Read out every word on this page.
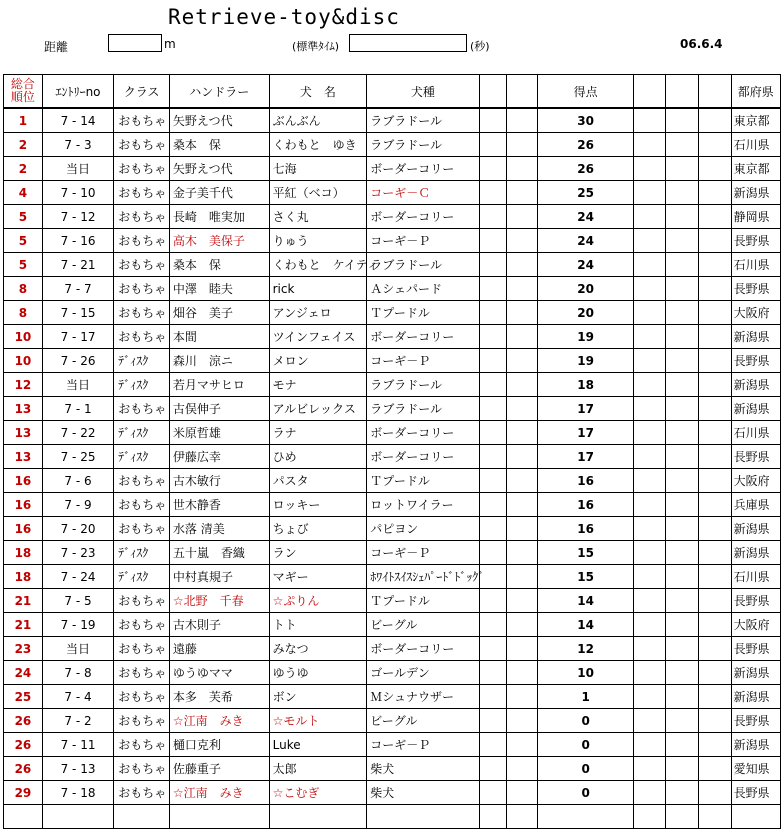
Retrieve-toy&disc
距離	m	(標準ﾀｲﾑ)	(秒)	06.6.4
総合
順位	ｴﾝﾄﾘｰno	クラス	ハンドラー	犬　名	犬種			得点				都府県
1	7 - 14	おもちゃ	矢野えつ代	ぶんぶん	ラブラドール			30				東京都
2	7 - 3	おもちゃ	桑本　保	くわもと　ゆき	ラブラドール			26				石川県
2	当日	おもちゃ	矢野えつ代	七海	ボーダーコリー			26				東京都
4	7 - 10	おもちゃ	金子美千代	平紅（ベコ）	コーギ－Ｃ			25				新潟県
5	7 - 12	おもちゃ	長崎　唯実加	さく丸	ボーダーコリー			24				静岡県
5	7 - 16	おもちゃ	高木　美保子	りゅう	コーギ－Ｐ			24				長野県
5	7 - 21	おもちゃ	桑本　保	くわもと　ケイティ	ラブラドール			24				石川県
8	7 - 7	おもちゃ	中澤　睦夫	rick	Ａシェパード			20				長野県
8	7 - 15	おもちゃ	畑谷　美子	アンジェロ	Ｔプードル			20				大阪府
10	7 - 17	おもちゃ	本間	ツインフェイス	ボーダーコリー			19				新潟県
10	7 - 26	ﾃﾞｨｽｸ	森川　涼ニ	メロン	コーギ－Ｐ			19				長野県
12	当日	ﾃﾞｨｽｸ	若月マサヒロ	モナ	ラブラドール			18				新潟県
13	7 - 1	おもちゃ	古俣伸子	アルビレックス	ラブラドール			17				新潟県
13	7 - 22	ﾃﾞｨｽｸ	米原哲雄	ラナ	ボーダーコリー			17				石川県
13	7 - 25	ﾃﾞｨｽｸ	伊藤広幸	ひめ	ボーダーコリー			17				長野県
16	7 - 6	おもちゃ	古木敏行	パスタ	Ｔプードル			16				大阪府
16	7 - 9	おもちゃ	世木静香	ロッキー	ロットワイラー			16				兵庫県
16	7 - 20	おもちゃ	水落 清美	ちょび	パピヨン			16				新潟県
18	7 - 23	ﾃﾞｨｽｸ	五十嵐　香織	ラン	コーギ－Ｐ			15				新潟県
18	7 - 24	ﾃﾞｨｽｸ	中村真規子	マギー	ﾎﾜｲﾄｽｲｽｼｪﾊﾟｰﾄﾞﾄﾞｯｸﾞ			15				石川県
21	7 - 5	おもちゃ	☆北野　千春	☆ぷりん	Ｔプードル			14				長野県
21	7 - 19	おもちゃ	古木則子	トト	ビーグル			14				大阪府
23	当日	おもちゃ	遠藤	みなつ	ボーダーコリー			12				長野県
24	7 - 8	おもちゃ	ゆうゆママ	ゆうゆ	ゴールデン			10				新潟県
25	7 - 4	おもちゃ	本多　芙希	ボン	Ｍシュナウザー			1				新潟県
26	7 - 2	おもちゃ	☆江南　みき	☆モルト	ビーグル			0				長野県
26	7 - 11	おもちゃ	樋口克利	Luke	コーギ－Ｐ			0				新潟県
26	7 - 13	おもちゃ	佐藤重子	太郎	柴犬			0				愛知県
29	7 - 18	おもちゃ	☆江南　みき	☆こむぎ	柴犬			0				長野県
